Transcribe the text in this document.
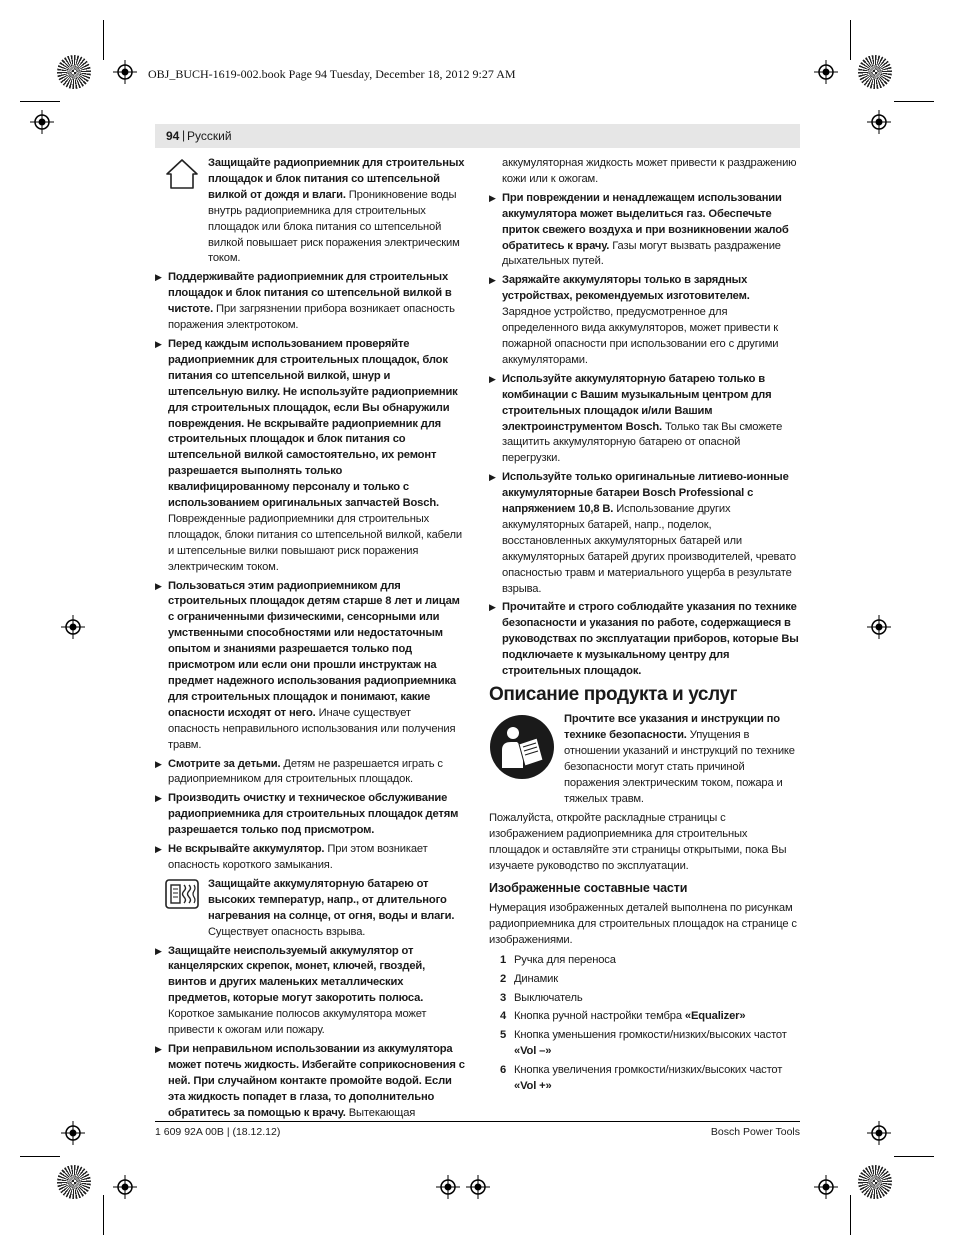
OBJ_BUCH-1619-002.book Page 94 Tuesday, December 18, 2012 9:27 AM
94 | Русский
Защищайте радиоприемник для строительных площадок и блок питания со штепсельной вилкой от дождя и влаги. Проникновение воды внутрь радиоприемника для строительных площадок или блока питания со штепсельной вилкой повышает риск поражения электрическим током.
▶ Поддерживайте радиоприемник для строительных площадок и блок питания со штепсельной вилкой в чистоте. При загрязнении прибора возникает опасность поражения электротоком.
▶ Перед каждым использованием проверяйте радиоприемник для строительных площадок, блок питания со штепсельной вилкой, шнур и штепсельную вилку. Не используйте радиоприемник для строительных площадок, если Вы обнаружили повреждения. Не вскрывайте радиоприемник для строительных площадок и блок питания со штепсельной вилкой самостоятельно, их ремонт разрешается выполнять только квалифицированному персоналу и только с использованием оригинальных запчастей Bosch. Поврежденные радиоприемники для строительных площадок, блоки питания со штепсельной вилкой, кабели и штепсельные вилки повышают риск поражения электрическим током.
▶ Пользоваться этим радиоприемником для строительных площадок детям старше 8 лет и лицам с ограниченными физическими, сенсорными или умственными способностями или недостаточным опытом и знаниями разрешается только под присмотром или если они прошли инструктаж на предмет надежного использования радиоприемника для строительных площадок и понимают, какие опасности исходят от него. Иначе существует опасность неправильного использования или получения травм.
▶ Смотрите за детьми. Детям не разрешается играть с радиоприемником для строительных площадок.
▶ Производить очистку и техническое обслуживание радиоприемника для строительных площадок детям разрешается только под присмотром.
▶ Не вскрывайте аккумулятор. При этом возникает опасность короткого замыкания.
Защищайте аккумуляторную батарею от высоких температур, напр., от длительного нагревания на солнце, от огня, воды и влаги. Существует опасность взрыва.
▶ Защищайте неиспользуемый аккумулятор от канцелярских скрепок, монет, ключей, гвоздей, винтов и других маленьких металлических предметов, которые могут закоротить полюса. Короткое замыкание полюсов аккумулятора может привести к ожогам или пожару.
▶ При неправильном использовании из аккумулятора может потечь жидкость. Избегайте соприкосновения с ней. При случайном контакте промойте водой. Если эта жидкость попадет в глаза, то дополнительно обратитесь за помощью к врачу. Вытекающая

аккумуляторная жидкость может привести к раздражению кожи или к ожогам.

▶ При повреждении и ненадлежащем использовании аккумулятора может выделиться газ. Обеспечьте приток свежего воздуха и при возникновении жалоб обратитесь к врачу. Газы могут вызвать раздражение дыхательных путей.
▶ Заряжайте аккумуляторы только в зарядных устройствах, рекомендуемых изготовителем. Зарядное устройство, предусмотренное для определенного вида аккумуляторов, может привести к пожарной опасности при использовании его с другими аккумуляторами.
▶ Используйте аккумуляторную батарею только в комбинации с Вашим музыкальным центром для строительных площадок и/или Вашим электроинструментом Bosch. Только так Вы сможете защитить аккумуляторную батарею от опасной перегрузки.
▶ Используйте только оригинальные литиево-ионные аккумуляторные батареи Bosch Professional с напряжением 10,8 В. Использование других аккумуляторных батарей, напр., поделок, восстановленных аккумуляторных батарей или аккумуляторных батарей других производителей, чревато опасностью травм и материального ущерба в результате взрыва.
▶ Прочитайте и строго соблюдайте указания по технике безопасности и указания по работе, содержащиеся в руководствах по эксплуатации приборов, которые Вы подключаете к музыкальному центру для строительных площадок.
Описание продукта и услуг
Прочтите все указания и инструкции по технике безопасности. Упущения в отношении указаний и инструкций по технике безопасности могут стать причиной поражения электрическим током, пожара и тяжелых травм.

Пожалуйста, откройте раскладные страницы с изображением радиоприемника для строительных площадок и оставляйте эти страницы открытыми, пока Вы изучаете руководство по эксплуатации.

Изображенные составные части

Нумерация изображенных деталей выполнена по рисункам радиоприемника для строительных площадок на странице с изображениями.

1 Ручка для переноса
2 Динамик
3 Выключатель
4 Кнопка ручной настройки тембра «Equalizer»
5 Кнопка уменьшения громкости/низких/высоких частот «Vol –»
6 Кнопка увеличения громкости/низких/высоких частот «Vol +»
1 609 92A 00B | (18.12.12)	Bosch Power Tools
